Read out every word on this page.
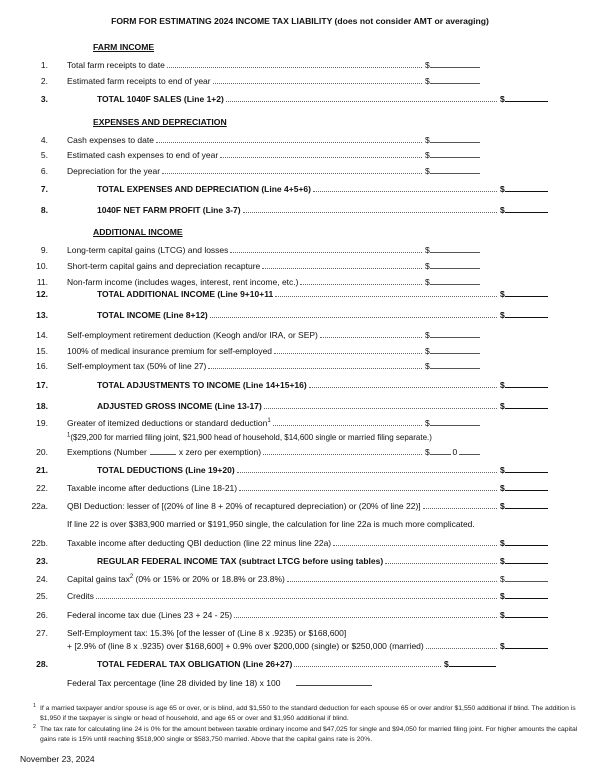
FORM FOR ESTIMATING 2024 INCOME TAX LIABILITY (does not consider AMT or averaging)
FARM INCOME
1. Total farm receipts to date	$
2. Estimated farm receipts to end of year	$
3.	TOTAL 1040F SALES (Line 1+2)	$
EXPENSES AND DEPRECIATION
4. Cash expenses to date	$
5. Estimated cash expenses to end of year	$
6. Depreciation for the year	$
7.	TOTAL EXPENSES AND DEPRECIATION (Line 4+5+6)	$
8.	1040F NET FARM PROFIT (Line 3-7)	$
ADDITIONAL INCOME
9. Long-term capital gains (LTCG) and losses	$
10. Short-term capital gains and depreciation recapture	$
11. Non-farm income (includes wages, interest, rent income, etc.)	$
12.	TOTAL ADDITIONAL INCOME (Line 9+10+11	$
13.	TOTAL INCOME (Line 8+12)	$
14. Self-employment retirement deduction (Keogh and/or IRA, or SEP)	$
15. 100% of medical insurance premium for self-employed	$
16. Self-employment tax (50% of line 27)	$
17.	TOTAL ADJUSTMENTS TO INCOME (Line 14+15+16)	$
18.	ADJUSTED GROSS INCOME (Line 13-17)	$
19. Greater of itemized deductions or standard deduction$^1$	$
$^1$($29,200 for married filing joint, $21,900 head of household, $14,600 single or married filing separate.)
20. Exemptions (Number	x zero per exemption)	$	0
21.	TOTAL DEDUCTIONS (Line 19+20)	$
22. Taxable income after deductions (Line 18-21)	$
22a. QBI Deduction: lesser of [(20% of line 8 + 20% of recaptured depreciation) or (20% of line 22)]	$
If line 22 is over $383,900 married or $191,950 single, the calculation for line 22a is much more complicated.
22b. Taxable income after deducting QBI deduction (line 22 minus line 22a)	$
23.	REGULAR FEDERAL INCOME TAX (subtract LTCG before using tables)	$
24. Capital gains tax$^2$ (0% or 15% or 20% or 18.8% or 23.8%)	$
25. Credits	$
26. Federal income tax due (Lines 23 + 24 - 25)	$
27. Self-Employment tax: 15.3% [of the lesser of (Line 8 x .9235) or $168,600]
+ [2.9% of (line 8 x .9235) over $168,600] + 0.9% over $200,000 (single) or $250,000 (married)	$
28.	TOTAL FEDERAL TAX OBLIGATION (Line 26+27)	$
Federal Tax percentage (line 28 divided by line 18) x 100
1 If a married taxpayer and/or spouse is age 65 or over, or is blind, add $1,550 to the standard deduction for each spouse 65 or over and/or $1,550 additional if blind. The addition is $1,950 if the taxpayer is single or head of household, and age 65 or over and $1,950 additional if blind.
2 The tax rate for calculating line 24 is 0% for the amount between taxable ordinary income and $47,025 for single and $94,050 for married filing joint. For higher amounts the capital gains rate is 15% until reaching $518,900 single or $583,750 married. Above that the capital gains rate is 20%.
November 23, 2024
